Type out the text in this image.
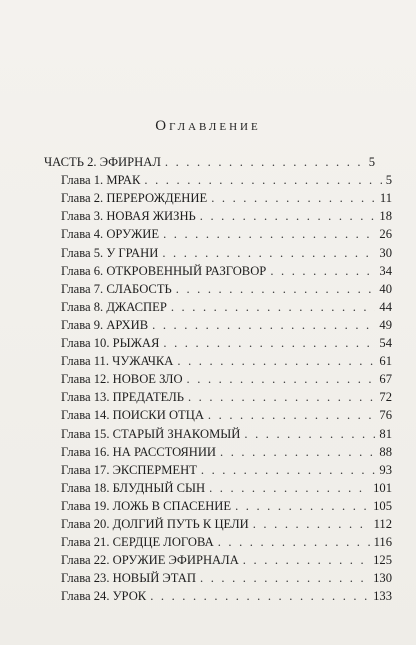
Оглавление
ЧАСТЬ 2. ЭФИРНАЛ . . .	5
Глава 1. МРАК . . .	5
Глава 2. ПЕРЕРОЖДЕНИЕ . . .	11
Глава 3. НОВАЯ ЖИЗНЬ . . .	18
Глава 4. ОРУЖИЕ . . .	26
Глава 5. У ГРАНИ . . .	30
Глава 6. ОТКРОВЕННЫЙ РАЗГОВОР . . .	34
Глава 7. СЛАБОСТЬ . . .	40
Глава 8. ДЖАСПЕР . . .	44
Глава 9. АРХИВ . . .	49
Глава 10. РЫЖАЯ . . .	54
Глава 11. ЧУЖАЧКА . . .	61
Глава 12. НОВОЕ ЗЛО . . .	67
Глава 13. ПРЕДАТЕЛЬ . . .	72
Глава 14. ПОИСКИ ОТЦА . . .	76
Глава 15. СТАРЫЙ ЗНАКОМЫЙ . . .	81
Глава 16. НА РАССТОЯНИИ . . .	88
Глава 17. ЭКСПЕРМЕНТ . . .	93
Глава 18. БЛУДНЫЙ СЫН . . .	101
Глава 19. ЛОЖЬ В СПАСЕНИЕ . . .	105
Глава 20. ДОЛГИЙ ПУТЬ К ЦЕЛИ . . .	112
Глава 21. СЕРДЦЕ ЛОГОВА . . .	116
Глава 22. ОРУЖИЕ ЭФИРНАЛА . . .	125
Глава 23. НОВЫЙ ЭТАП . . .	130
Глава 24. УРОК . . .	133
